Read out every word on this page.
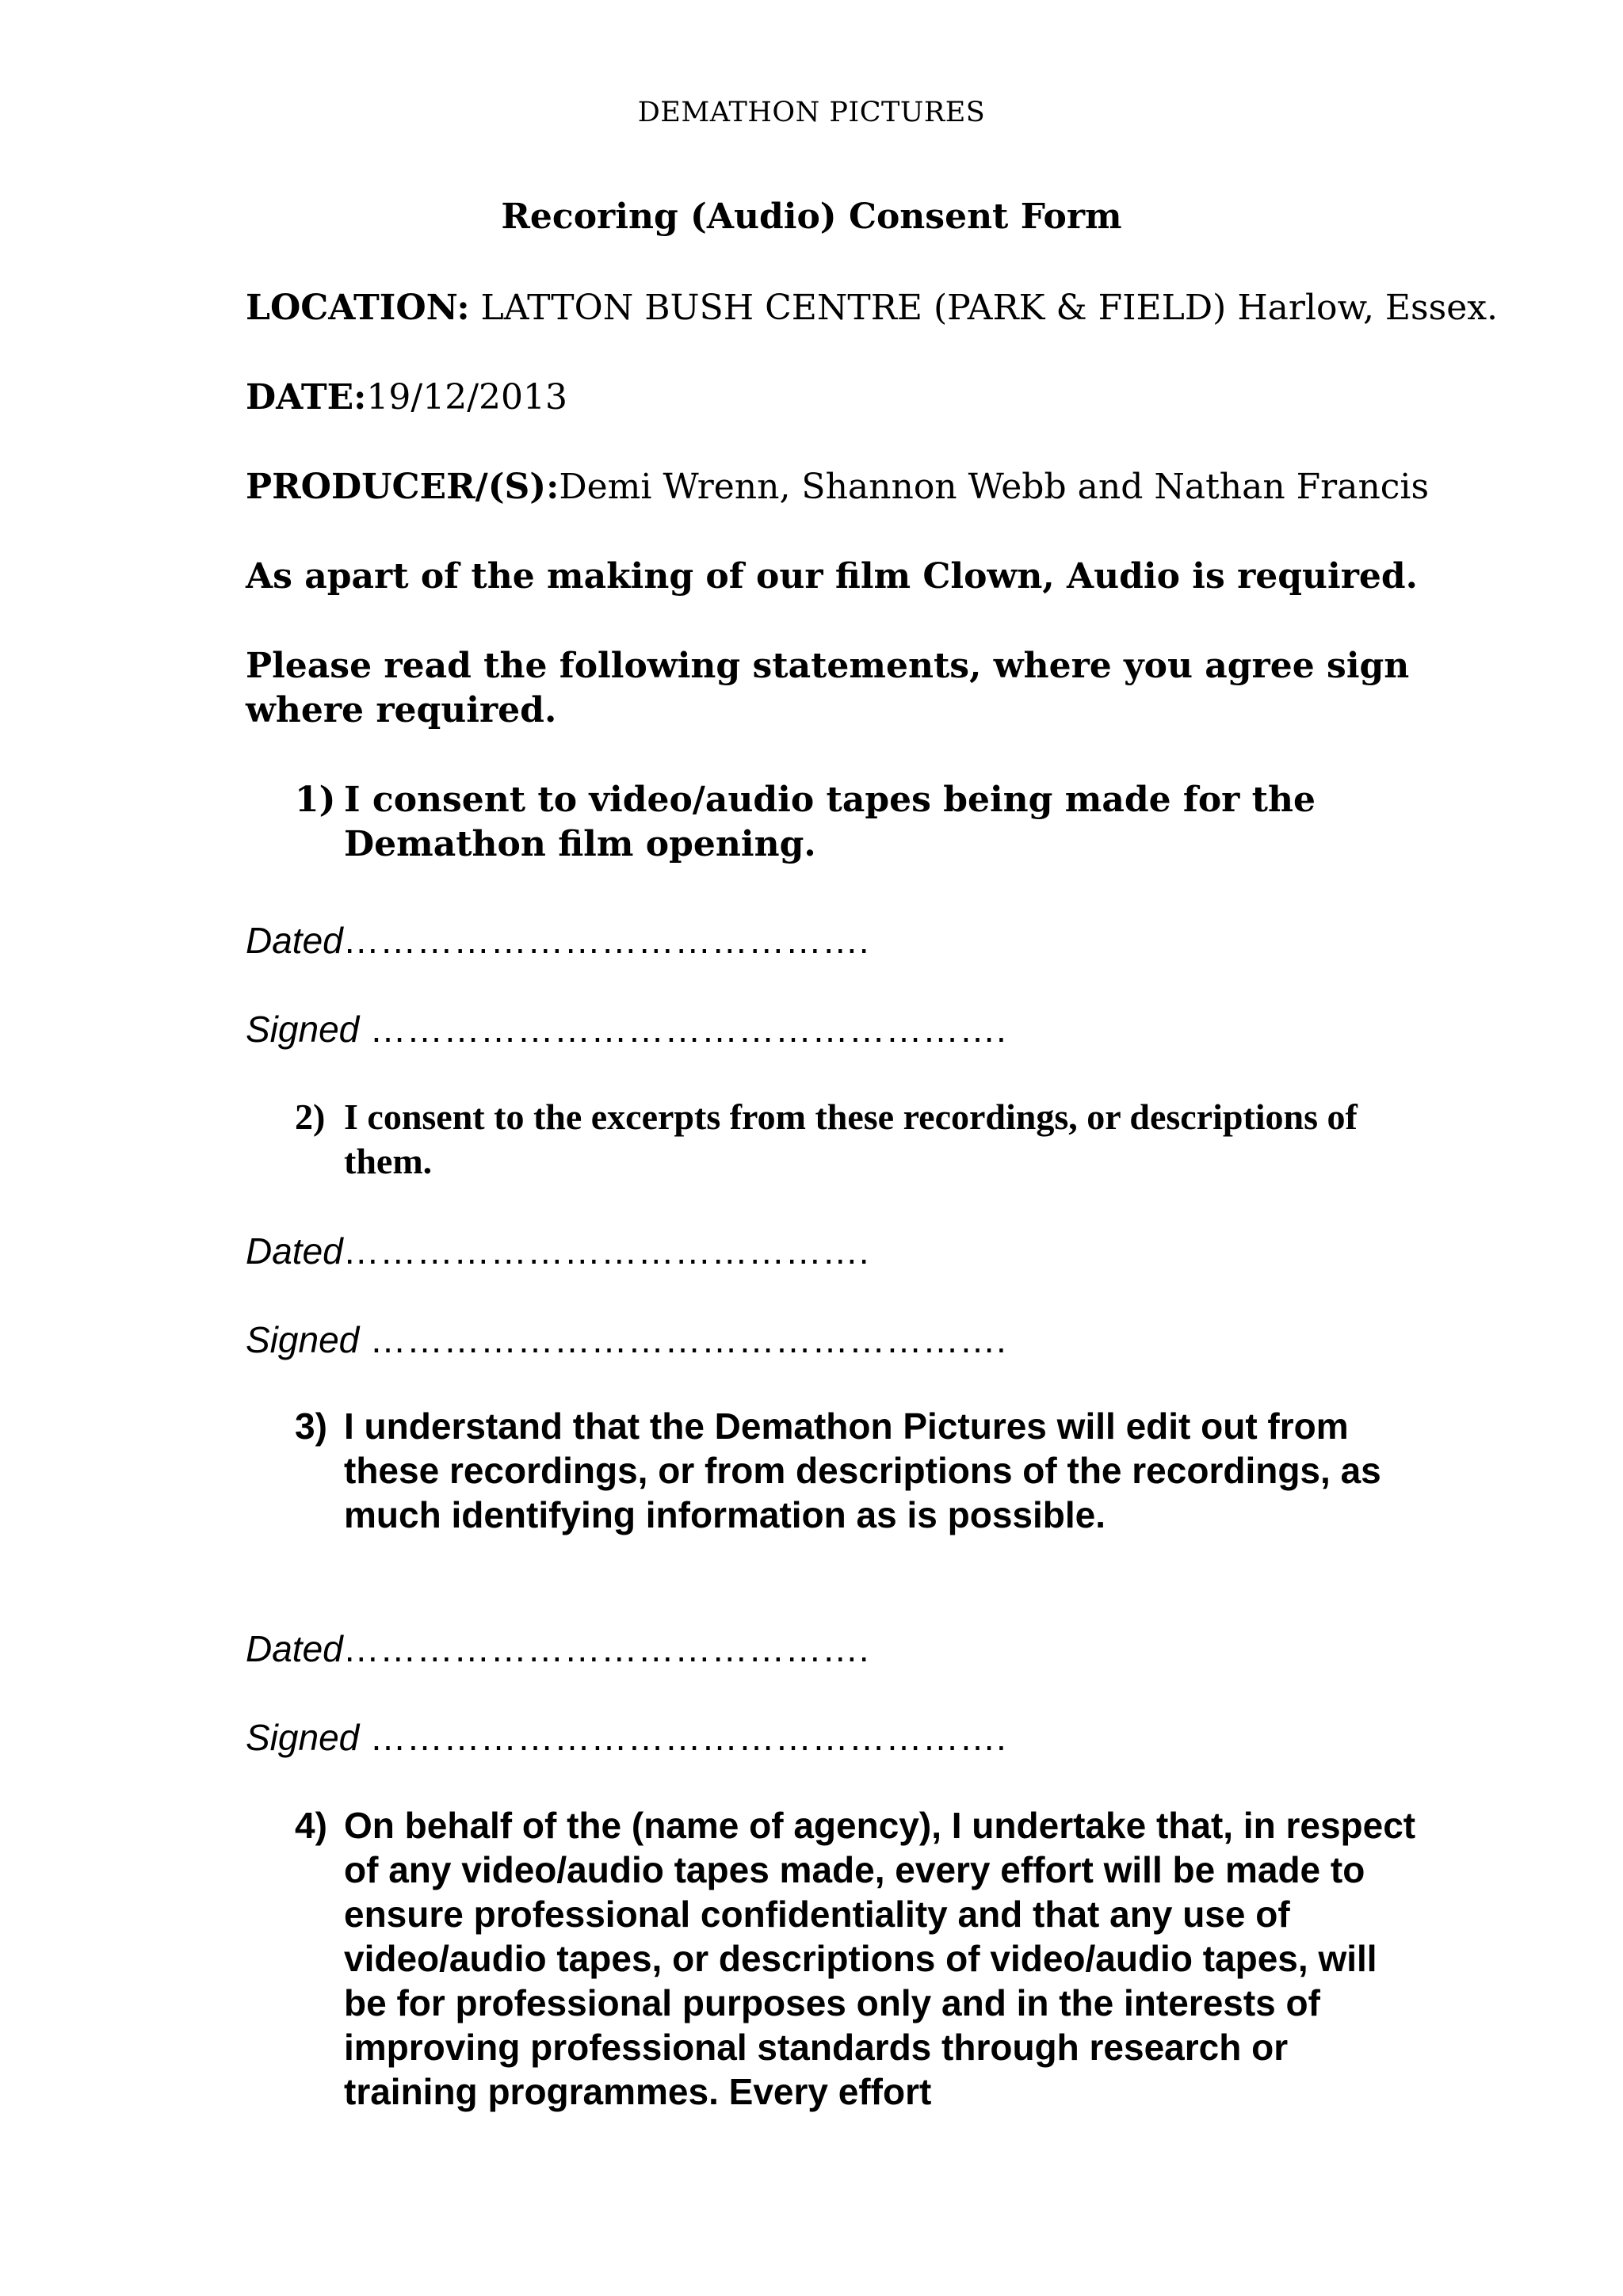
DEMATHON PICTURES
Recoring (Audio) Consent Form
LOCATION: LATTON BUSH CENTRE (PARK & FIELD) Harlow, Essex.
DATE:19/12/2013
PRODUCER/(S):Demi Wrenn, Shannon Webb and Nathan Francis
As apart of the making of our film Clown, Audio is required.
Please read the following statements, where you agree sign where required.
1) I consent to video/audio tapes being made for the Demathon film opening.
Dated…………………………………….
Signed …………………………………………….
2) I consent to the excerpts from these recordings, or descriptions of them.
Dated…………………………………….
Signed …………………………………………….
3) I understand that the Demathon Pictures will edit out from these recordings, or from descriptions of the recordings, as much identifying information as is possible.
Dated…………………………………….
Signed …………………………………………….
4) On behalf of the (name of agency), I undertake that, in respect of any video/audio tapes made, every effort will be made to ensure professional confidentiality and that any use of video/audio tapes, or descriptions of video/audio tapes, will be for professional purposes only and in the interests of improving professional standards through research or training programmes. Every effort
